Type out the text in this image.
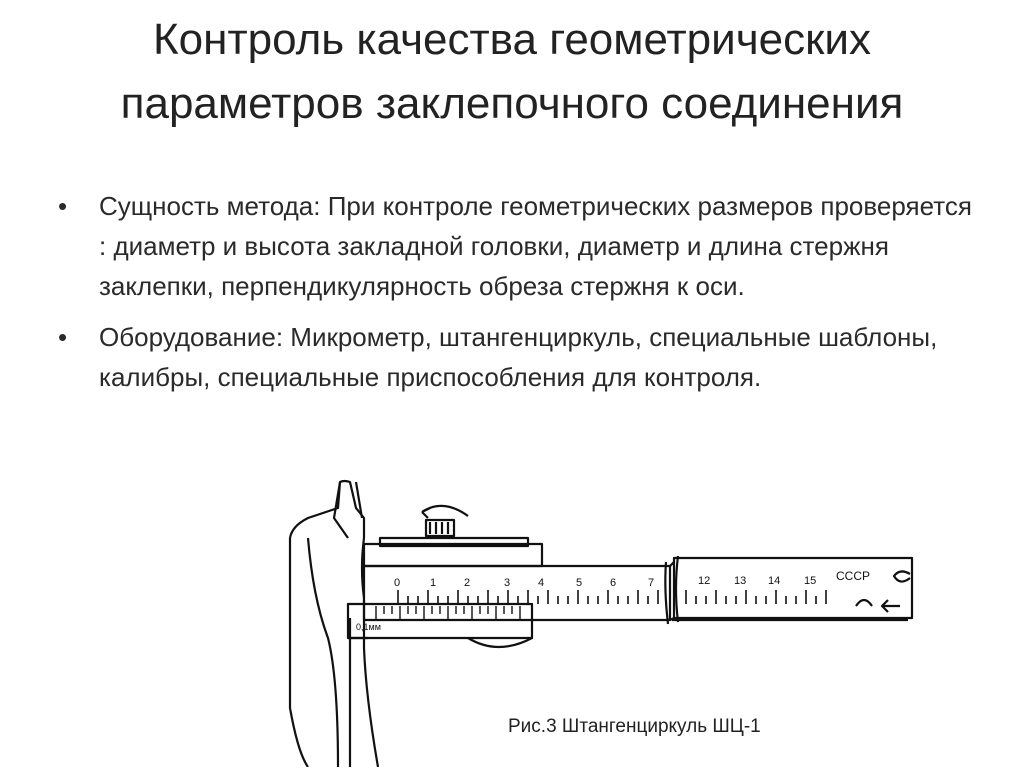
Контроль качества геометрических параметров заклепочного соединения
• Сущность метода: При контроле геометрических размеров проверяется : диаметр и высота закладной головки, диаметр и длина стержня заклепки, перпендикулярность обреза стержня к оси.
• Оборудование: Микрометр, штангенциркуль, специальные шаблоны, калибры, специальные приспособления для контроля.
0	1	2	3	4	5	6	7	12 13 14 15 СССР
0,1мм
Рис.3 Штангенциркуль ШЦ-1
